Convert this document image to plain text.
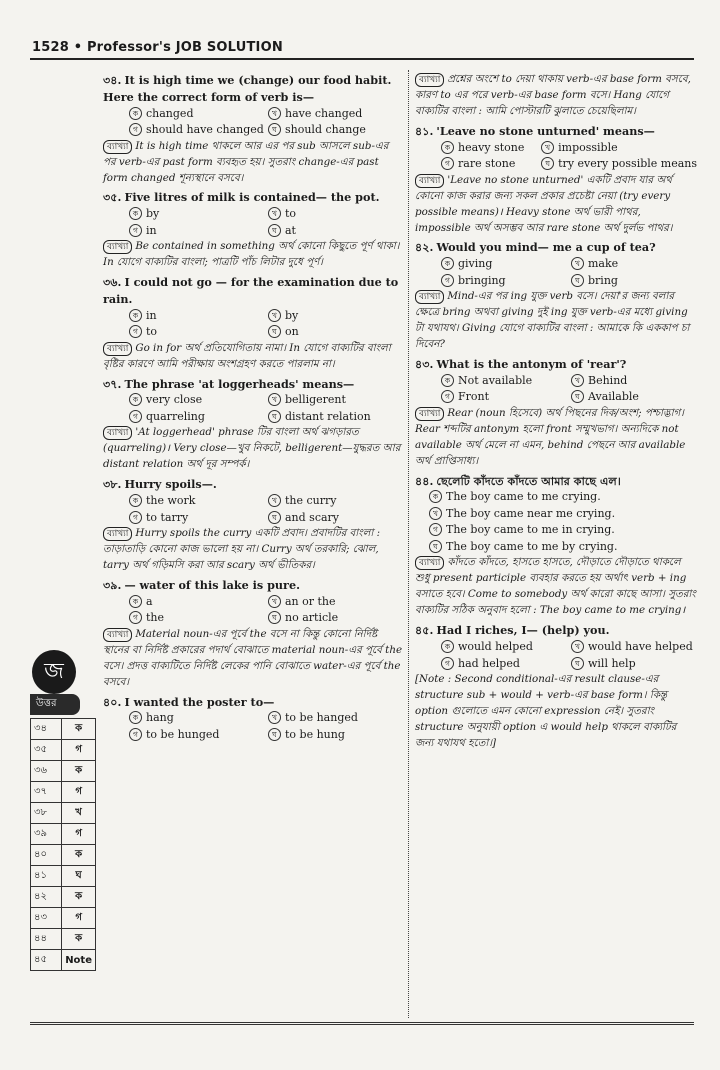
1528 • Professor's JOB SOLUTION
৩৪. It is high time we (change) our food habit. Here the correct form of verb is—
ক changed	খ have changed
গ should have changed	ঘ should change
ব্যাখ্যা It is high time থাকলে আর এর পর sub আসলে sub-এর পর verb-এর past form ব্যবহৃত হয়। সুতরাং change-এর past form changed শূন্যস্থানে বসবে।
৩৫. Five litres of milk is contained— the pot.
ক by	খ to
গ in	ঘ at
ব্যাখ্যা Be contained in something অর্থ কোনো কিছুতে পূর্ণ থাকা। In যোগে বাক্যটির বাংলা; পাত্রটি পাঁচ লিটার দুধে পূর্ণ।
৩৬. I could not go — for the examination due to rain.
ক in	খ by
গ to	ঘ on
ব্যাখ্যা Go in for অর্থ প্রতিযোগিতায় নামা। In যোগে বাক্যটির বাংলা বৃষ্টির কারণে আমি পরীক্ষায় অংশগ্রহণ করতে পারলাম না।
৩৭. The phrase 'at loggerheads' means—
ক very close	খ belligerent
গ quarreling	ঘ distant relation
ব্যাখ্যা 'At loggerhead' phrase টির বাংলা অর্থ ঝগড়ারত (quarreling)। Very close—খুব নিকটে, belligerent—যুদ্ধরত আর distant relation অর্থ দূর সম্পর্ক।
৩৮. Hurry spoils—.
ক the work	খ the curry
গ to tarry	ঘ and scary
ব্যাখ্যা Hurry spoils the curry একটি প্রবাদ। প্রবাদটির বাংলা : তাড়াতাড়ি কোনো কাজ ভালো হয় না। Curry অর্থ তরকারি; ঝোল, tarry অর্থ গড়িমসি করা আর scary অর্থ ভীতিকর।
৩৯. — water of this lake is pure.
ক a	খ an or the
গ the	ঘ no article
ব্যাখ্যা Material noun-এর পূর্বে the বসে না কিন্তু কোনো নির্দিষ্ট স্থানের বা নির্দিষ্ট প্রকারের পদার্থ বোঝাতে material noun-এর পূর্বে the বসে। প্রদত্ত বাক্যটিতে নির্দিষ্ট লেকের পানি বোঝাতে water-এর পূর্বে the বসবে।
৪০. I wanted the poster to—
ক hang	খ to be hanged
গ to be hunged	ঘ to be hung
ব্যাখ্যা প্রশ্নের অংশে to দেয়া থাকায় verb-এর base form বসবে, কারণ to এর পরে verb-এর base form বসে। Hang যোগে বাক্যটির বাংলা : আমি পোস্টারটি ঝুলাতে চেয়েছিলাম।
৪১. 'Leave no stone unturned' means—
ক heavy stone	খ impossible
গ rare stone	ঘ try every possible means
ব্যাখ্যা 'Leave no stone unturned' একটি প্রবাদ যার অর্থ কোনো কাজ করার জন্য সকল প্রকার প্রচেষ্টা নেয়া (try every possible means)। Heavy stone অর্থ ভারী পাথর, impossible অর্থ অসম্ভব আর rare stone অর্থ দুর্লভ পাথর।
৪২. Would you mind— me a cup of tea?
ক giving	খ make
গ bringing	ঘ bring
ব্যাখ্যা Mind-এর পর ing যুক্ত verb বসে। দেয়া'র জন্য বলার ক্ষেত্রে bring অথবা giving দুই ing যুক্ত verb-এর মধ্যে giving টা যথাযথ। Giving যোগে বাক্যটির বাংলা : আমাকে কি এককাপ চা দিবেন?
৪৩. What is the antonym of 'rear'?
ক Not available	খ Behind
গ Front	ঘ Available
ব্যাখ্যা Rear (noun হিসেবে) অর্থ পিছনের দিক/অংশ; পশ্চাদ্ভাগ। Rear শব্দটির antonym হলো front সম্মুখভাগ। অন্যদিকে not available অর্থ মেলে না এমন, behind পেছনে আর available অর্থ প্রাপ্তিসাধ্য।
৪৪. ছেলেটি কাঁদতে কাঁদতে আমার কাছে এল।
ক The boy came to me crying.
খ The boy came near me crying.
গ The boy came to me in crying.
ঘ The boy came to me by crying.
ব্যাখ্যা কাঁদতে কাঁদতে, হাসতে হাসতে, দৌড়াতে দৌড়াতে থাকলে শুধু present participle ব্যবহার করতে হয় অর্থাৎ verb + ing বসাতে হবে। Come to somebody অর্থ কারো কাছে আসা। সুতরাং বাক্যটির সঠিক অনুবাদ হলো : The boy came to me crying।
৪৫. Had I riches, I— (help) you.
ক would helped	খ would have helped
গ had helped	ঘ will help
[Note : Second conditional-এর result clause-এর structure sub + would + verb-এর base form। কিন্তু option গুলোতে এমন কোনো expression নেই। সুতরাং structure অনুযায়ী option এ would help থাকলে বাক্যটির জন্য যথাযথ হতো।]
জ
উত্তর
৩৪	ক
৩৫	গ
৩৬	ক
৩৭	গ
৩৮	খ
৩৯	গ
৪০	ক
৪১	ঘ
৪২	ক
৪৩	গ
৪৪	ক
৪৫	Note
